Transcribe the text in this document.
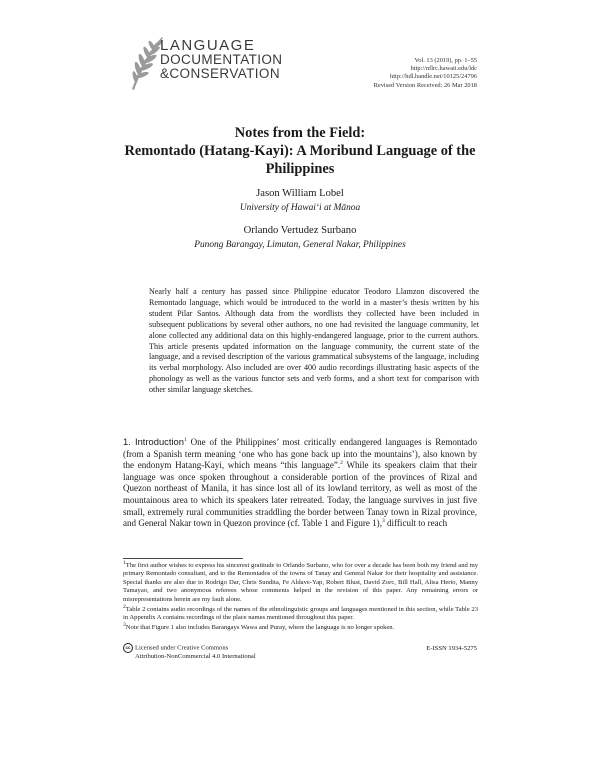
LANGUAGE
DOCUMENTATION
&CONSERVATION
Vol. 13 (2019), pp. 1–55
http://nflrc.hawaii.edu/ldc
http://hdl.handle.net/10125/24796
Revised Version Received: 26 Mar 2018
Notes from the Field:
Remontado (Hatang-Kayi): A Moribund Language of the
Philippines
Jason William Lobel
University of Hawai‘i at Mānoa
Orlando Vertudez Surbano
Punong Barangay, Limutan, General Nakar, Philippines
Nearly half a century has passed since Philippine educator Teodoro Llamzon discovered the Remontado language, which would be introduced to the world in a master’s thesis written by his student Pilar Santos. Although data from the wordlists they collected have been included in subsequent publications by several other authors, no one had revisited the language community, let alone collected any additional data on this highly-endangered language, prior to the current authors. This article presents updated information on the language community, the current state of the language, and a revised description of the various grammatical subsystems of the language, including its verbal morphology. Also included are over 400 audio recordings illustrating basic aspects of the phonology as well as the various functor sets and verb forms, and a short text for comparison with other similar language sketches.
1. Introduction$^1$ One of the Philippines’ most critically endangered languages is Remontado (from a Spanish term meaning ‘one who has gone back up into the mountains’), also known by the endonym Hatang-Kayi, which means “this language”.$^2$ While its speakers claim that their language was once spoken throughout a considerable portion of the provinces of Rizal and Quezon northeast of Manila, it has since lost all of its lowland territory, as well as most of the mountainous area to which its speakers later retreated. Today, the language survives in just five small, extremely rural communities straddling the border between Tanay town in Rizal province, and General Nakar town in Quezon province (cf. Table 1 and Figure 1),$^3$ difficult to reach
$^1$The first author wishes to express his sincerest gratitude to Orlando Surbano, who for over a decade has been both my friend and my primary Remontado consultant, and to the Remontados of the towns of Tanay and General Nakar for their hospitality and assistance. Special thanks are also due to Rodrigo Dar, Chris Sundita, Fe Aldave-Yap, Robert Blust, David Zorc, Bill Hall, Alisa Herio, Manny Tamayao, and two anonymous referees whose comments helped in the revision of this paper. Any remaining errors or misrepresentations herein are my fault alone.
$^2$Table 2 contains audio recordings of the names of the ethnolinguistic groups and languages mentioned in this section, while Table 23 in Appendix A contains recordings of the place names mentioned throughout this paper.
$^3$Note that Figure 1 also includes Barangays Wawa and Puray, where the language is no longer spoken.
cc Licensed under Creative Commons
Attribution-NonCommercial 4.0 International
E-ISSN 1934-5275
